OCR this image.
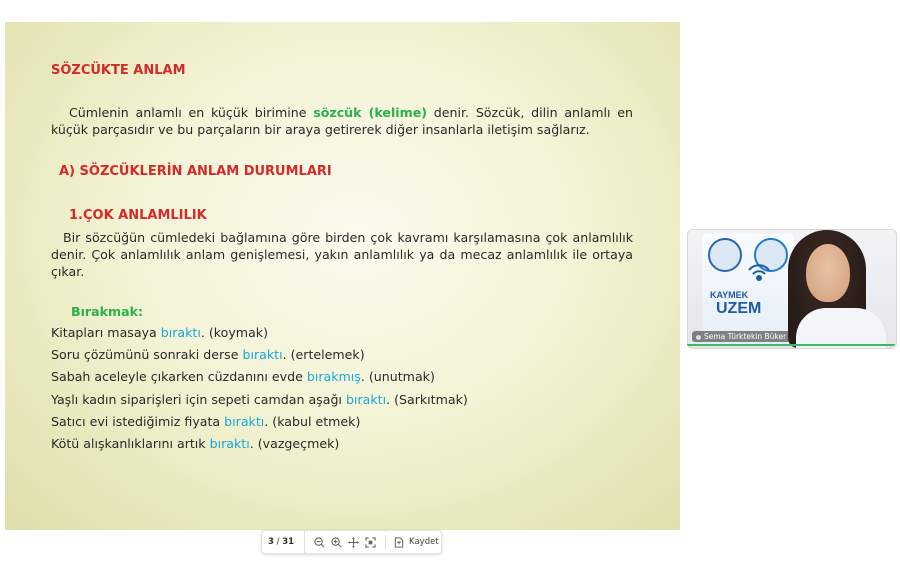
SÖZCÜKTE ANLAM
Cümlenin anlamlı en küçük birimine sözcük (kelime) denir. Sözcük, dilin anlamlı en küçük parçasıdır ve bu parçaların bir araya getirerek diğer insanlarla iletişim sağlarız.
A) SÖZCÜKLERİN ANLAM DURUMLARI
1.ÇOK ANLAMLILIK
Bir sözcüğün cümledeki bağlamına göre birden çok kavramı karşılamasına çok anlamlılık denir. Çok anlamlılık anlam genişlemesi, yakın anlamlılık ya da mecaz anlamlılık ile ortaya çıkar.
Bırakmak:
Kitapları masaya bıraktı. (koymak)
Soru çözümünü sonraki derse bıraktı. (ertelemek)
Sabah aceleyle çıkarken cüzdanını evde bırakmış. (unutmak)
Yaşlı kadın siparişleri için sepeti camdan aşağı bıraktı. (Sarkıtmak)
Satıcı evi istediğimiz fiyata bıraktı. (kabul etmek)
Kötü alışkanlıklarını artık bıraktı. (vazgeçmek)
KAYMEK
UZEM
Sema Türktekin Büker
3 / 31	Kaydet
